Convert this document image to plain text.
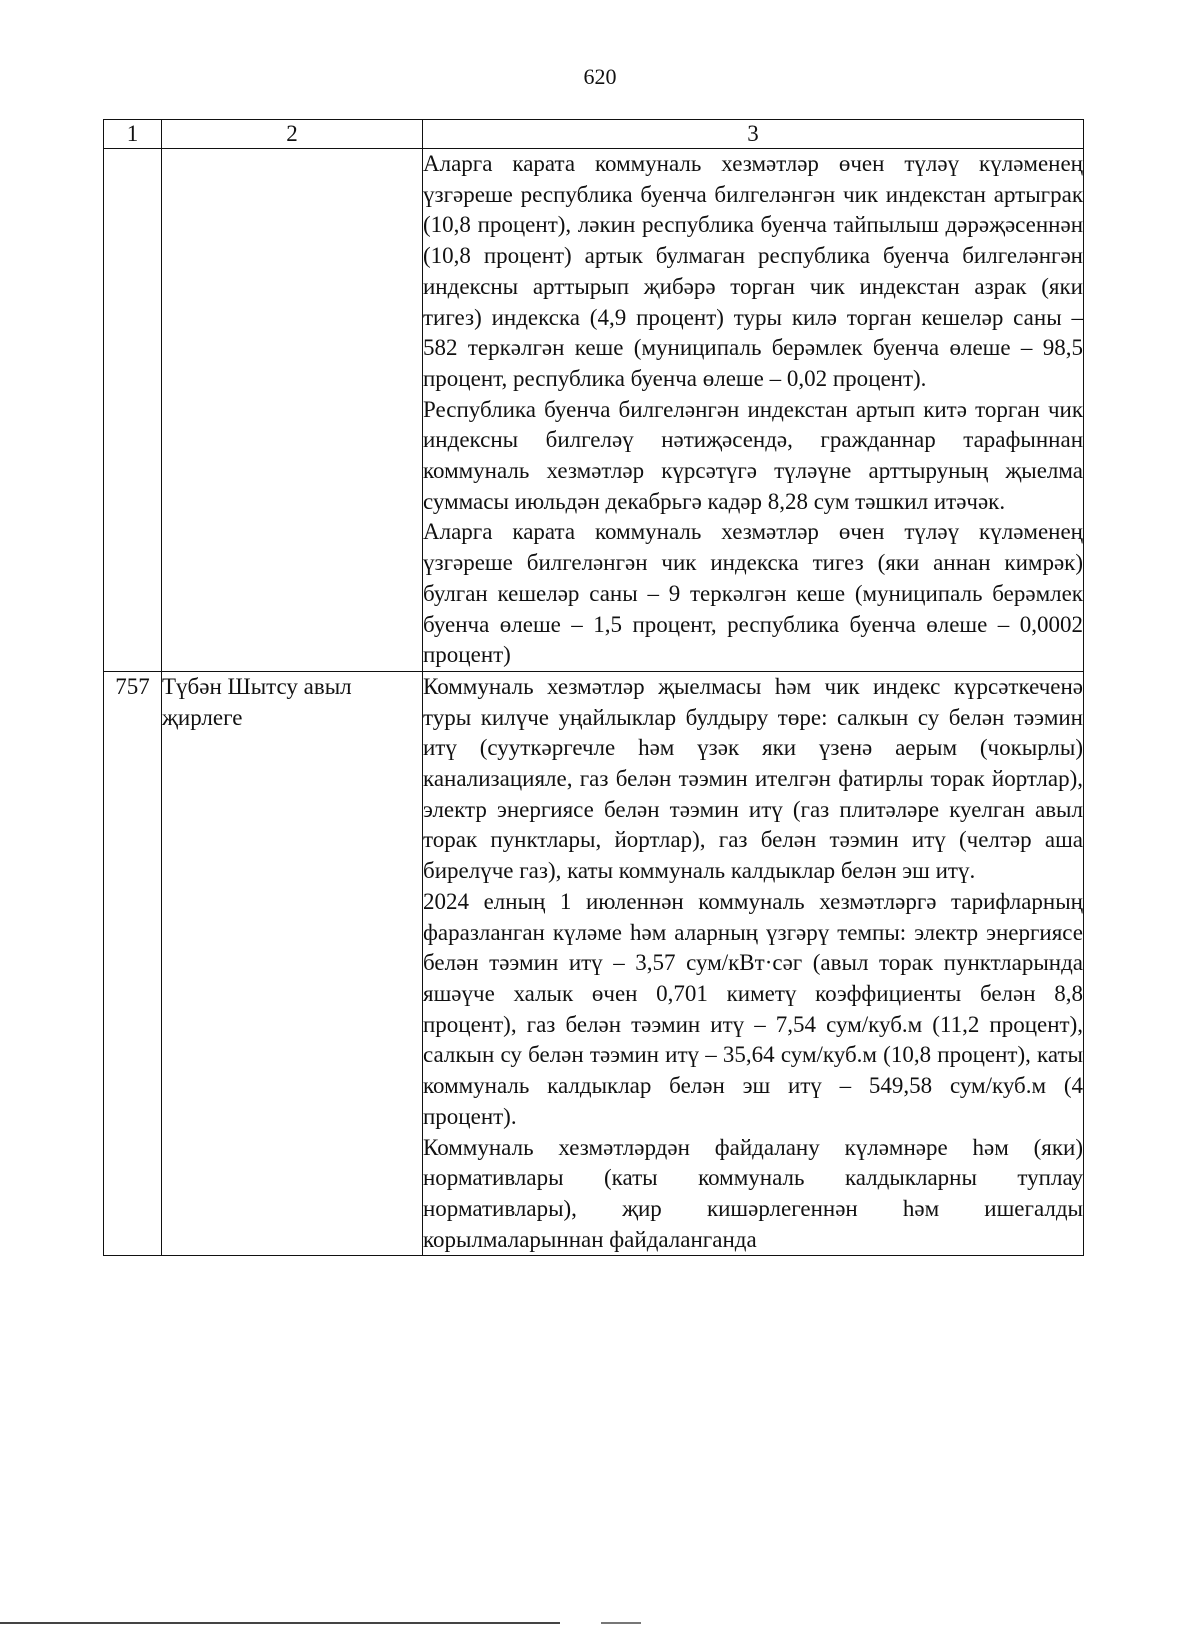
620
1	2	3

		Аларга карата коммуналь хезмәтләр өчен түләү күләменең үзгәреше республика буенча билгеләнгән чик индекстан артыграк (10,8 процент), ләкин республика буенча тайпылыш дәрәҗәсеннән (10,8 процент) артык булмаган республика буенча билгеләнгән индексны арттырып җибәрә торган чик индекстан азрак (яки тигез) индекска (4,9 процент) туры килә торган кешеләр саны – 582 теркәлгән кеше (муниципаль берәмлек буенча өлеше – 98,5 процент, республика буенча өлеше – 0,02 процент).

Республика буенча билгеләнгән индекстан артып китә торган чик индексны билгеләү нәтиҗәсендә, гражданнар тарафыннан коммуналь хезмәтләр күрсәтүгә түләүне арттыруның җыелма суммасы июльдән декабрьгә кадәр 8,28 сум тәшкил итәчәк.

Аларга карата коммуналь хезмәтләр өчен түләү күләменең үзгәреше билгеләнгән чик индекска тигез (яки аннан кимрәк) булган кешеләр саны – 9 теркәлгән кеше (муниципаль берәмлек буенча өлеше – 1,5 процент, республика буенча өлеше – 0,0002 процент)

757	Түбән Шытсу авыл җирлеге	Коммуналь хезмәтләр җыелмасы һәм чик индекс күрсәткеченә туры килүче уңайлыклар булдыру төре: салкын су белән тәэмин итү (сууткәргечле һәм үзәк яки үзенә аерым (чокырлы) канализацияле, газ белән тәэмин ителгән фатирлы торак йортлар), электр энергиясе белән тәэмин итү (газ плитәләре куелган авыл торак пунктлары, йортлар), газ белән тәэмин итү (челтәр аша бирелүче газ), каты коммуналь калдыклар белән эш итү.

2024 елның 1 июленнән коммуналь хезмәтләргә тарифларның фаразланган күләме һәм аларның үзгәрү темпы: электр энергиясе белән тәэмин итү – 3,57 сум/кВт·сәг (авыл торак пунктларында яшәүче халык өчен 0,701 киметү коэффициенты белән 8,8 процент), газ белән тәэмин итү – 7,54 сум/куб.м (11,2 процент), салкын су белән тәэмин итү – 35,64 сум/куб.м (10,8 процент), каты коммуналь калдыклар белән эш итү – 549,58 сум/куб.м (4 процент).

Коммуналь хезмәтләрдән файдалану күләмнәре һәм (яки) нормативлары (каты коммуналь калдыкларны туплау нормативлары), җир кишәрлегеннән һәм ишегалды корылмаларыннан файдаланганда
